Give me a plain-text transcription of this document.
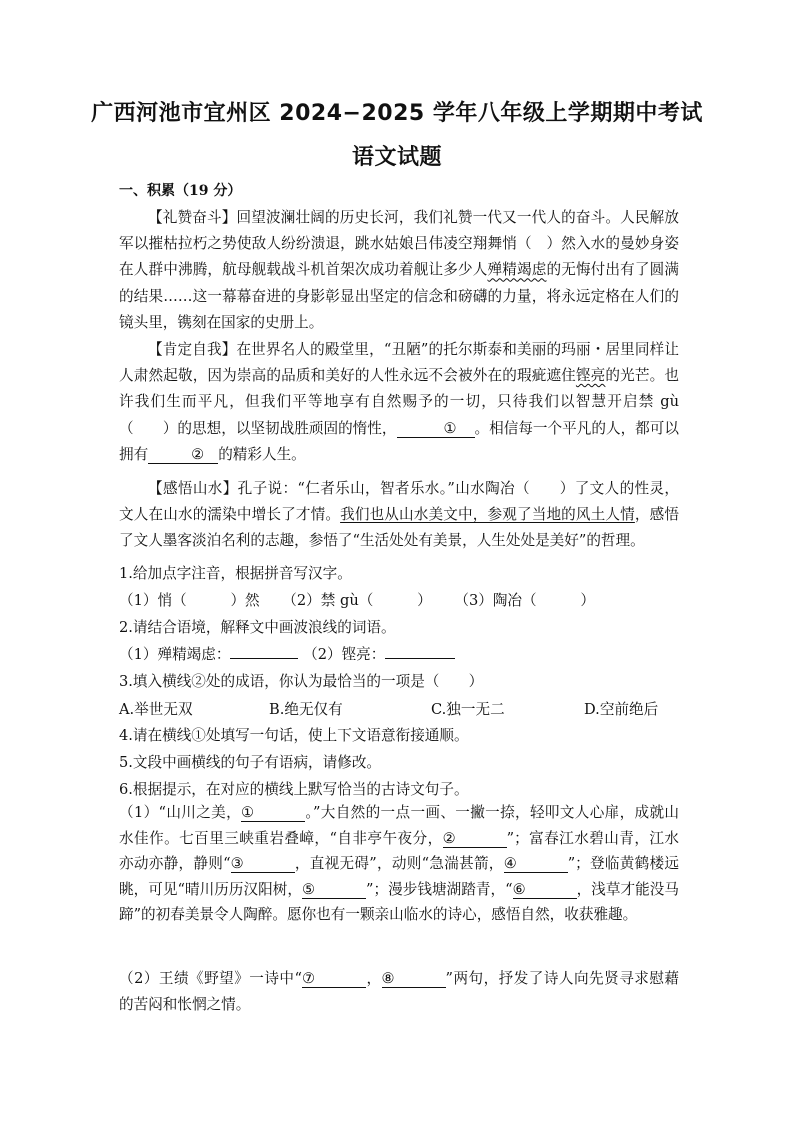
广西河池市宜州区 2024−2025 学年八年级上学期期中考试
语文试题
一、积累（19 分）
【礼赞奋斗】回望波澜壮阔的历史长河，我们礼赞一代又一代人的奋斗。人民解放军以摧枯拉朽之势使敌人纷纷溃退，跳水姑娘吕伟凌空翔舞悄（　）然入水的曼妙身姿在人群中沸腾，航母舰载战斗机首架次成功着舰让多少人殚精竭虑的无悔付出有了圆满的结果……这一幕幕奋进的身影彰显出坚定的信念和磅礴的力量，将永远定格在人们的镜头里，镌刻在国家的史册上。
【肯定自我】在世界名人的殿堂里，“丑陋”的托尔斯泰和美丽的玛丽・居里同样让人肃然起敬，因为崇高的品质和美好的人性永远不会被外在的瑕疵遮住铿亮的光芒。也许我们生而平凡，但我们平等地享有自然赐予的一切，只待我们以智慧开启禁 gù（　　）的思想，以坚韧战胜顽固的惰性，	① 。相信每一个平凡的人，都可以拥有	② 的精彩人生。
【感悟山水】孔子说：“仁者乐山，智者乐水。”山水陶冶（　　）了文人的性灵，文人在山水的濡染中增长了才情。我们也从山水美文中，参观了当地的风土人情，感悟了文人墨客淡泊名利的志趣，参悟了“生活处处有美景，人生处处是美好”的哲理。
1.给加点字注音，根据拼音写汉字。
（1）悄（　　　）然 （2）禁 gù（　　　） （3）陶冶（　　　）
2.请结合语境，解释文中画波浪线的词语。
（1）殚精竭虑：	（2）铿亮：
3.填入横线②处的成语，你认为最恰当的一项是（　　）
A.举世无双	B.绝无仅有	C.独一无二	D.空前绝后
4.请在横线①处填写一句话，使上下文语意衔接通顺。
5.文段中画横线的句子有语病，请修改。
6.根据提示，在对应的横线上默写恰当的古诗文句子。
（1）“山川之美，①	。”大自然的一点一画、一撇一捺，轻叩文人心扉，成就山水佳作。七百里三峡重岩叠嶂，“自非亭午夜分，②	”；富春江水碧山青，江水亦动亦静，静则“③	，直视无碍”，动则“急湍甚箭，④	”；登临黄鹤楼远眺，可见“晴川历历汉阳树，⑤	”；漫步钱塘湖踏青，“⑥	，浅草才能没马蹄”的初春美景令人陶醉。愿你也有一颗亲山临水的诗心，感悟自然，收获雅趣。
（2）王绩《野望》一诗中“⑦	，⑧	”两句，抒发了诗人向先贤寻求慰藉的苦闷和怅惘之情。
